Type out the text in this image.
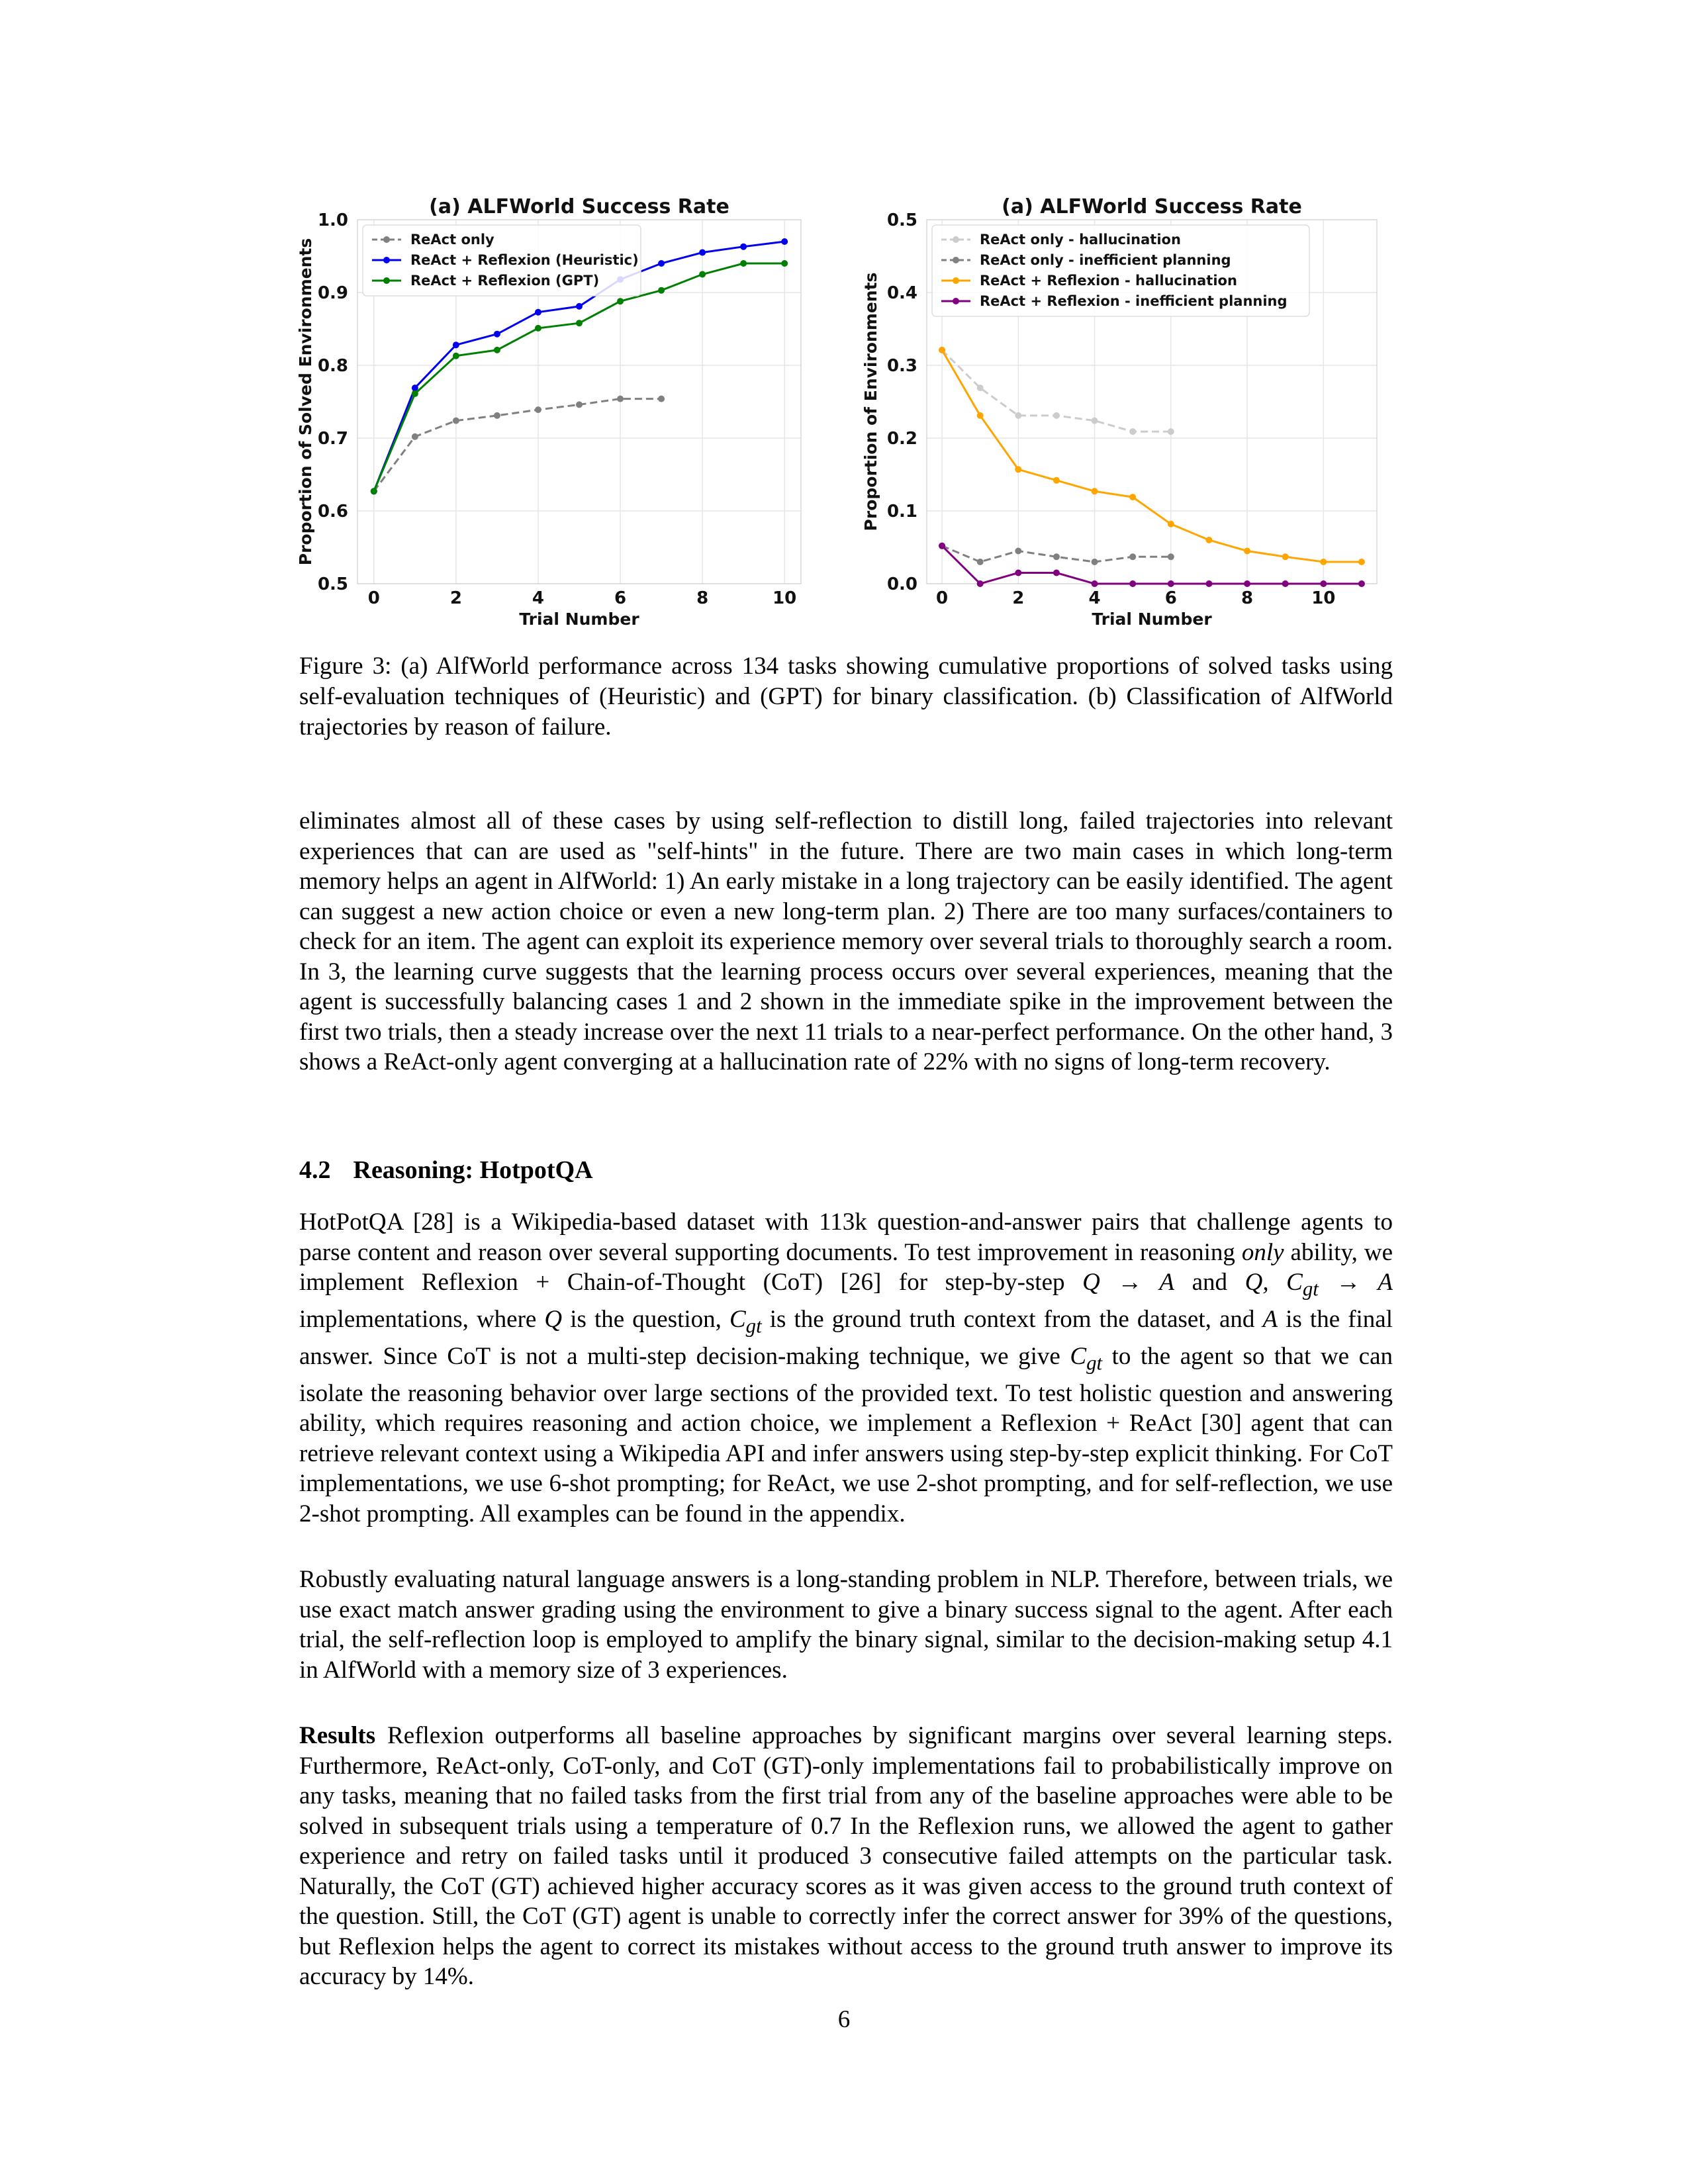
0	2	4	6	8	10
0.5
0.6
0.7
0.8
0.9
1.0
(a) ALFWorld Success Rate
Trial Number
Proportion of Solved Environments	ReAct only
ReAct + Reflexion (Heuristic)
ReAct + Reflexion (GPT)
0	2	4	6	8	10
0.0
0.1
0.2
0.3
0.4
0.5
(a) ALFWorld Success Rate
Trial Number
Proportion of Environments
ReAct only - hallucination
ReAct only - inefficient planning
ReAct + Reflexion - hallucination
ReAct + Reflexion - inefficient planning
Figure 3: (a) AlfWorld performance across 134 tasks showing cumulative proportions of solved tasks using self-evaluation techniques of (Heuristic) and (GPT) for binary classification. (b) Classification of AlfWorld trajectories by reason of failure.

eliminates almost all of these cases by using self-reflection to distill long, failed trajectories into relevant experiences that can are used as "self-hints" in the future. There are two main cases in which long-term memory helps an agent in AlfWorld: 1) An early mistake in a long trajectory can be easily identified. The agent can suggest a new action choice or even a new long-term plan. 2) There are too many surfaces/containers to check for an item. The agent can exploit its experience memory over several trials to thoroughly search a room. In 3, the learning curve suggests that the learning process occurs over several experiences, meaning that the agent is successfully balancing cases 1 and 2 shown in the immediate spike in the improvement between the first two trials, then a steady increase over the next 11 trials to a near-perfect performance. On the other hand, 3 shows a ReAct-only agent converging at a hallucination rate of 22% with no signs of long-term recovery.

4.2 Reasoning: HotpotQA

HotPotQA [28] is a Wikipedia-based dataset with 113k question-and-answer pairs that challenge agents to parse content and reason over several supporting documents. To test improvement in reasoning only ability, we implement Reflexion + Chain-of-Thought (CoT) [26] for step-by-step Q → A and Q, $C_{gt} \to A$ implementations, where Q is the question, $C_{gt}$ is the ground truth context from the dataset, and A is the final answer. Since CoT is not a multi-step decision-making technique, we give $C_{gt}$ to the agent so that we can isolate the reasoning behavior over large sections of the provided text. To test holistic question and answering ability, which requires reasoning and action choice, we implement a Reflexion + ReAct [30] agent that can retrieve relevant context using a Wikipedia API and infer answers using step-by-step explicit thinking. For CoT implementations, we use 6-shot prompting; for ReAct, we use 2-shot prompting, and for self-reflection, we use 2-shot prompting. All examples can be found in the appendix.

Robustly evaluating natural language answers is a long-standing problem in NLP. Therefore, between trials, we use exact match answer grading using the environment to give a binary success signal to the agent. After each trial, the self-reflection loop is employed to amplify the binary signal, similar to the decision-making setup 4.1 in AlfWorld with a memory size of 3 experiences.

Results Reflexion outperforms all baseline approaches by significant margins over several learning steps. Furthermore, ReAct-only, CoT-only, and CoT (GT)-only implementations fail to probabilistically improve on any tasks, meaning that no failed tasks from the first trial from any of the baseline approaches were able to be solved in subsequent trials using a temperature of 0.7 In the Reflexion runs, we allowed the agent to gather experience and retry on failed tasks until it produced 3 consecutive failed attempts on the particular task. Naturally, the CoT (GT) achieved higher accuracy scores as it was given access to the ground truth context of the question. Still, the CoT (GT) agent is unable to correctly infer the correct answer for 39% of the questions, but Reflexion helps the agent to correct its mistakes without access to the ground truth answer to improve its accuracy by 14%.

6
